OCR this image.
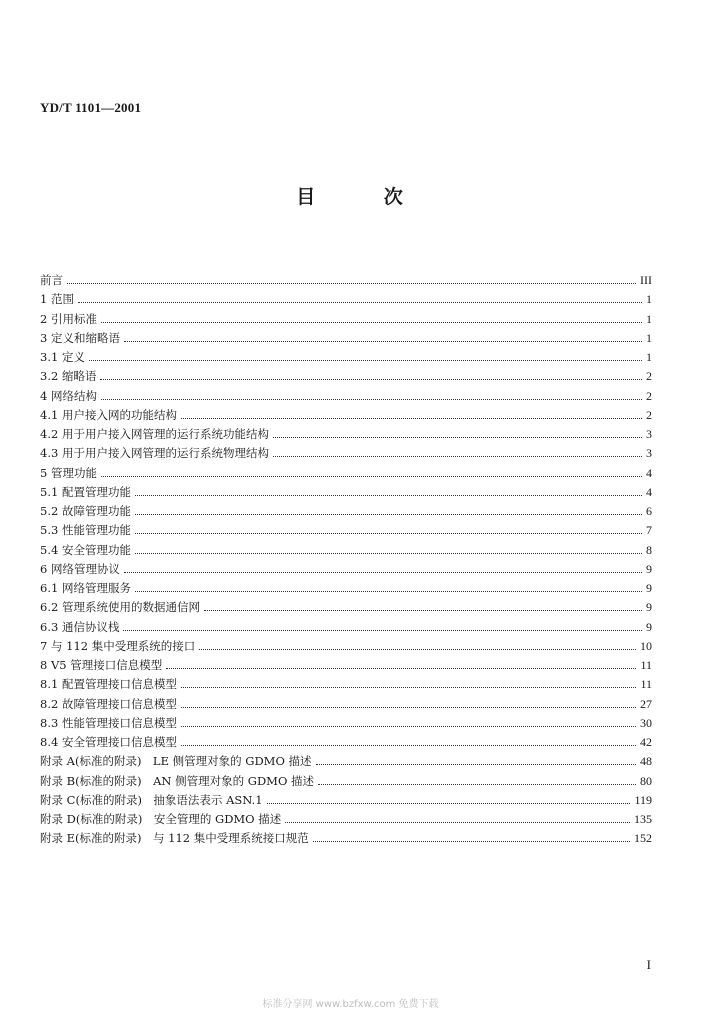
YD/T 1101—2001
目 次
前言	III
1 范围	1
2 引用标准	1
3 定义和缩略语	1
3.1 定义	1
3.2 缩略语	2
4 网络结构	2
4.1 用户接入网的功能结构	2
4.2 用于用户接入网管理的运行系统功能结构	3
4.3 用于用户接入网管理的运行系统物理结构	3
5 管理功能	4
5.1 配置管理功能	4
5.2 故障管理功能	6
5.3 性能管理功能	7
5.4 安全管理功能	8
6 网络管理协议	9
6.1 网络管理服务	9
6.2 管理系统使用的数据通信网	9
6.3 通信协议栈	9
7 与 112 集中受理系统的接口	10
8 V5 管理接口信息模型	11
8.1 配置管理接口信息模型	11
8.2 故障管理接口信息模型	27
8.3 性能管理接口信息模型	30
8.4 安全管理接口信息模型	42
附录 A(标准的附录)　LE 侧管理对象的 GDMO 描述	48
附录 B(标准的附录)　AN 侧管理对象的 GDMO 描述	80
附录 C(标准的附录)　抽象语法表示 ASN.1	119
附录 D(标准的附录)　安全管理的 GDMO 描述	135
附录 E(标准的附录)　与 112 集中受理系统接口规范	152
I
标准分享网 www.bzfxw.com 免费下载
